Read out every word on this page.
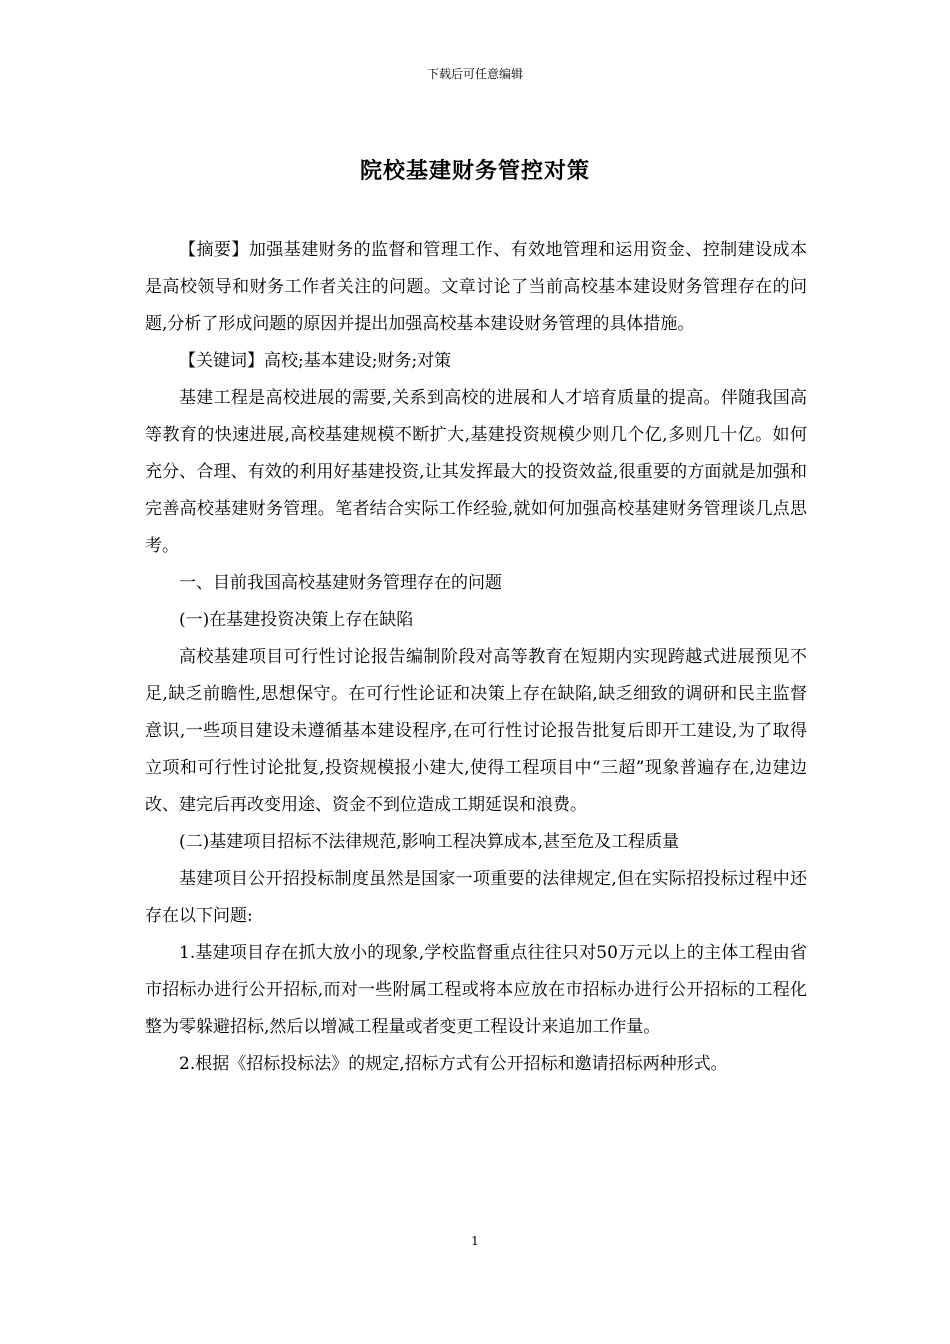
下载后可任意编辑
院校基建财务管控对策

【摘要】加强基建财务的监督和管理工作、有效地管理和运用资金、控制建设成本是高校领导和财务工作者关注的问题。文章讨论了当前高校基本建设财务管理存在的问题,分析了形成问题的原因并提出加强高校基本建设财务管理的具体措施。

【关键词】高校;基本建设;财务;对策

基建工程是高校进展的需要,关系到高校的进展和人才培育质量的提高。伴随我国高等教育的快速进展,高校基建规模不断扩大,基建投资规模少则几个亿,多则几十亿。如何充分、合理、有效的利用好基建投资,让其发挥最大的投资效益,很重要的方面就是加强和完善高校基建财务管理。笔者结合实际工作经验,就如何加强高校基建财务管理谈几点思考。

一、目前我国高校基建财务管理存在的问题

(一)在基建投资决策上存在缺陷

高校基建项目可行性讨论报告编制阶段对高等教育在短期内实现跨越式进展预见不足,缺乏前瞻性,思想保守。在可行性论证和决策上存在缺陷,缺乏细致的调研和民主监督意识,一些项目建设未遵循基本建设程序,在可行性讨论报告批复后即开工建设,为了取得立项和可行性讨论批复,投资规模报小建大,使得工程项目中“三超”现象普遍存在,边建边改、建完后再改变用途、资金不到位造成工期延误和浪费。

(二)基建项目招标不法律规范,影响工程决算成本,甚至危及工程质量

基建项目公开招投标制度虽然是国家一项重要的法律规定,但在实际招投标过程中还存在以下问题:

1.基建项目存在抓大放小的现象,学校监督重点往往只对50万元以上的主体工程由省市招标办进行公开招标,而对一些附属工程或将本应放在市招标办进行公开招标的工程化整为零躲避招标,然后以增减工程量或者变更工程设计来追加工作量。

2.根据《招标投标法》的规定,招标方式有公开招标和邀请招标两种形式。

1
